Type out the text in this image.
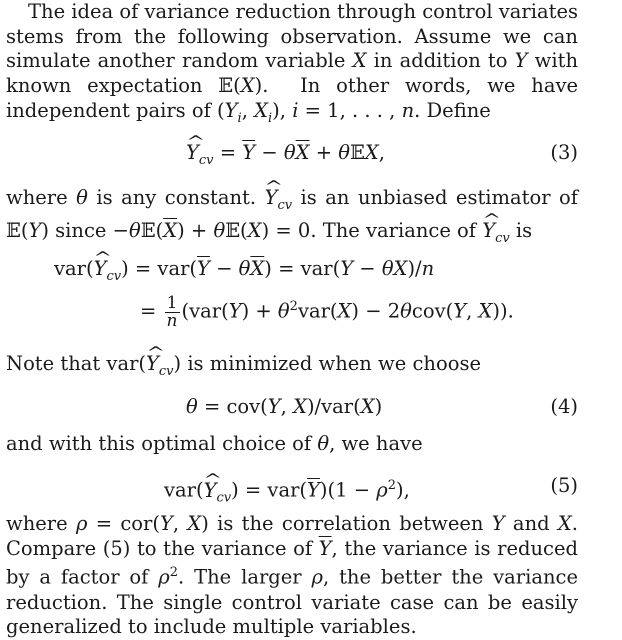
The idea of variance reduction through control variates stems from the following observation. Assume we can simulate another random variable X in addition to Y with known expectation 𝔼(X).  In other words, we have independent pairs of ($Y_i$, $X_i$), i = 1, . . . , n. Define

^ $Y_{cv} = \overline{Y} - \theta\overline{X}$ + θ𝔼X,	(3)

where θ is any constant. ^ $Y_{cv}$ is an unbiased estimator of 𝔼(Y) since $-\theta 𝔼(\overline{X})$ + θ𝔼(X) = 0. The variance of ^ $Y_{cv}$ is

var(^ $Y_{cv}) = var(\overline{Y} - \theta\overline{X}) = var(Y - \theta X)/n$
= $\frac{1}{n} (var(Y) + \theta^2var(X) - 2\theta cov(Y$, X)).

Note that var(^ $Y_{cv}$) is minimized when we choose

θ = cov(Y, X)/var(X)	(4)

and with this optimal choice of θ, we have

var(^ $Y_{cv}) = var(\overline{Y})(1 - \rho^2)$,	(5)

where ρ = cor(Y, X) is the correlation between Y and X. Compare (5) to the variance of $\overline{Y}$, the variance is reduced by a factor of $\rho^2$. The larger ρ, the better the variance reduction. The single control variate case can be easily generalized to include multiple variables.
